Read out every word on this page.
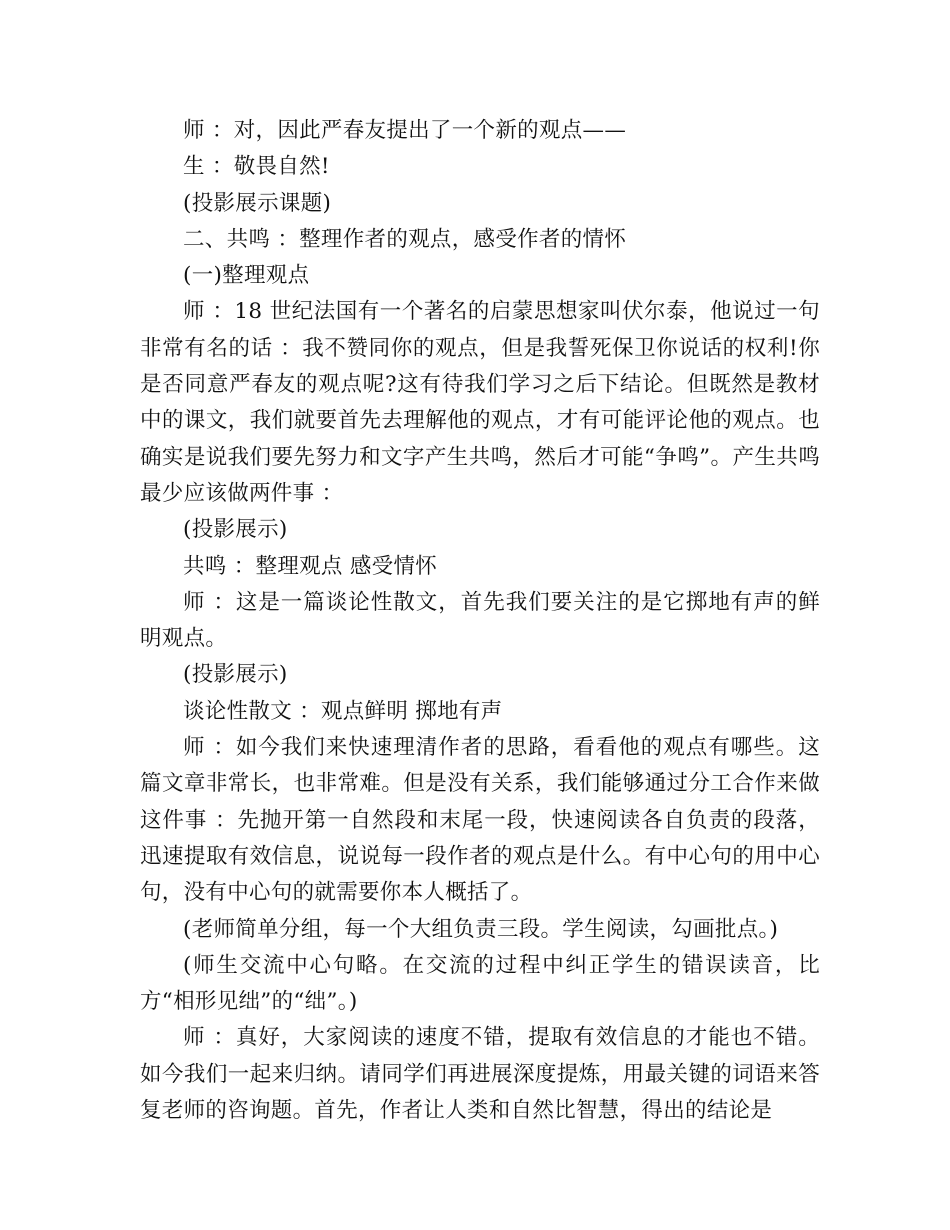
师 ：对，因此严春友提出了一个新的观点——

生 ：敬畏自然!

(投影展示课题)

二、共鸣 ：整理作者的观点，感受作者的情怀

(一)整理观点

师 ：18 世纪法国有一个著名的启蒙思想家叫伏尔泰，他说过一句非常有名的话 ：我不赞同你的观点，但是我誓死保卫你说话的权利!你是否同意严春友的观点呢?这有待我们学习之后下结论。但既然是教材中的课文，我们就要首先去理解他的观点，才有可能评论他的观点。也确实是说我们要先努力和文字产生共鸣，然后才可能“争鸣”。产生共鸣最少应该做两件事 ：

(投影展示)

共鸣 ：整理观点 感受情怀

师 ：这是一篇谈论性散文，首先我们要关注的是它掷地有声的鲜明观点。

(投影展示)

谈论性散文 ：观点鲜明 掷地有声

师 ：如今我们来快速理清作者的思路，看看他的观点有哪些。这篇文章非常长，也非常难。但是没有关系，我们能够通过分工合作来做这件事 ：先抛开第一自然段和末尾一段，快速阅读各自负责的段落，迅速提取有效信息，说说每一段作者的观点是什么。有中心句的用中心句，没有中心句的就需要你本人概括了。

(老师简单分组，每一个大组负责三段。学生阅读，勾画批点。)

(师生交流中心句略。在交流的过程中纠正学生的错误读音，比方“相形见绌”的“绌”。)

师 ：真好，大家阅读的速度不错，提取有效信息的才能也不错。如今我们一起来归纳。请同学们再进展深度提炼，用最关键的词语来答复老师的咨询题。首先，作者让人类和自然比智慧，得出的结论是
